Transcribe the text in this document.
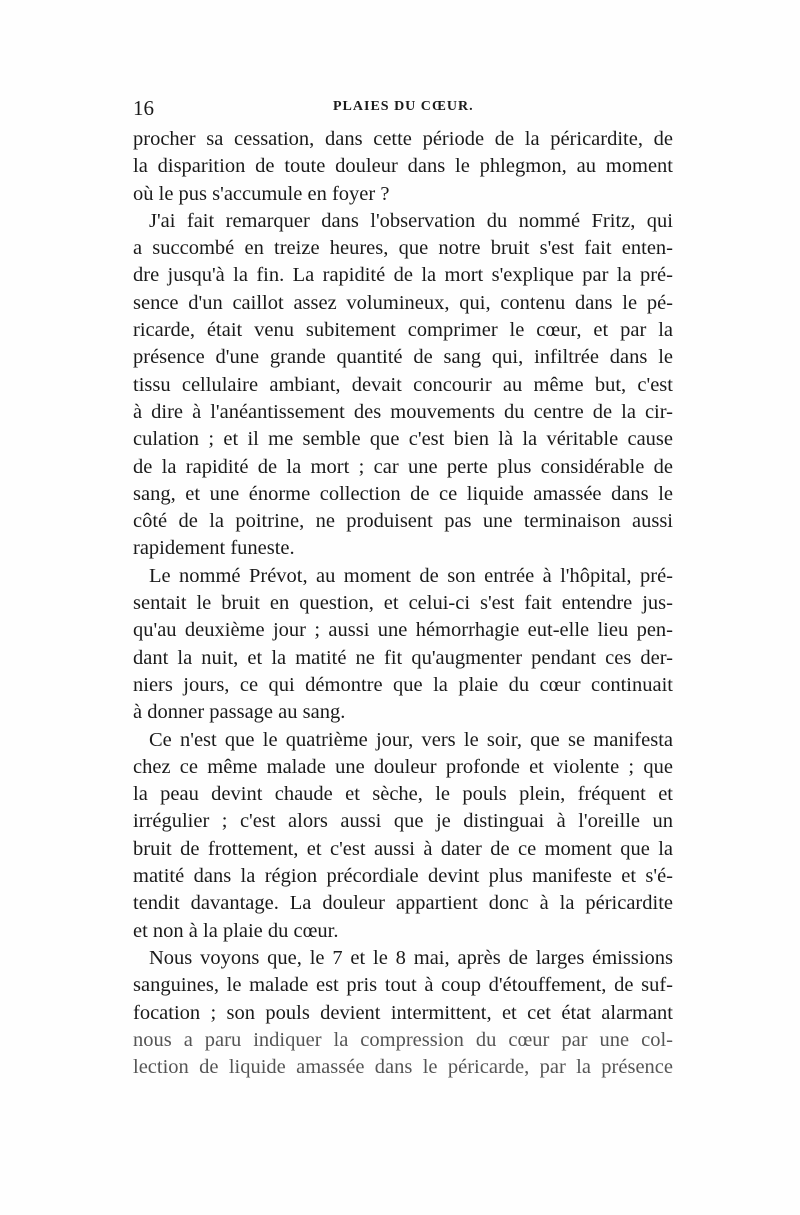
16	PLAIES DU CŒUR.

procher sa cessation, dans cette période de la péricardite, de
la disparition de toute douleur dans le phlegmon, au moment
où le pus s'accumule en foyer ?

J'ai fait remarquer dans l'observation du nommé Fritz, qui
a succombé en treize heures, que notre bruit s'est fait enten-
dre jusqu'à la fin. La rapidité de la mort s'explique par la pré-
sence d'un caillot assez volumineux, qui, contenu dans le pé-
ricarde, était venu subitement comprimer le cœur, et par la
présence d'une grande quantité de sang qui, infiltrée dans le
tissu cellulaire ambiant, devait concourir au même but, c'est
à dire à l'anéantissement des mouvements du centre de la cir-
culation ; et il me semble que c'est bien là la véritable cause
de la rapidité de la mort ; car une perte plus considérable de
sang, et une énorme collection de ce liquide amassée dans le
côté de la poitrine, ne produisent pas une terminaison aussi
rapidement funeste.

Le nommé Prévot, au moment de son entrée à l'hôpital, pré-
sentait le bruit en question, et celui-ci s'est fait entendre jus-
qu'au deuxième jour ; aussi une hémorrhagie eut-elle lieu pen-
dant la nuit, et la matité ne fit qu'augmenter pendant ces der-
niers jours, ce qui démontre que la plaie du cœur continuait
à donner passage au sang.

Ce n'est que le quatrième jour, vers le soir, que se manifesta
chez ce même malade une douleur profonde et violente ; que
la peau devint chaude et sèche, le pouls plein, fréquent et
irrégulier ; c'est alors aussi que je distinguai à l'oreille un
bruit de frottement, et c'est aussi à dater de ce moment que la
matité dans la région précordiale devint plus manifeste et s'é-
tendit davantage. La douleur appartient donc à la péricardite
et non à la plaie du cœur.

Nous voyons que, le 7 et le 8 mai, après de larges émissions
sanguines, le malade est pris tout à coup d'étouffement, de suf-
focation ; son pouls devient intermittent, et cet état alarmant
nous a paru indiquer la compression du cœur par une col-
lection de liquide amassée dans le péricarde, par la présence
